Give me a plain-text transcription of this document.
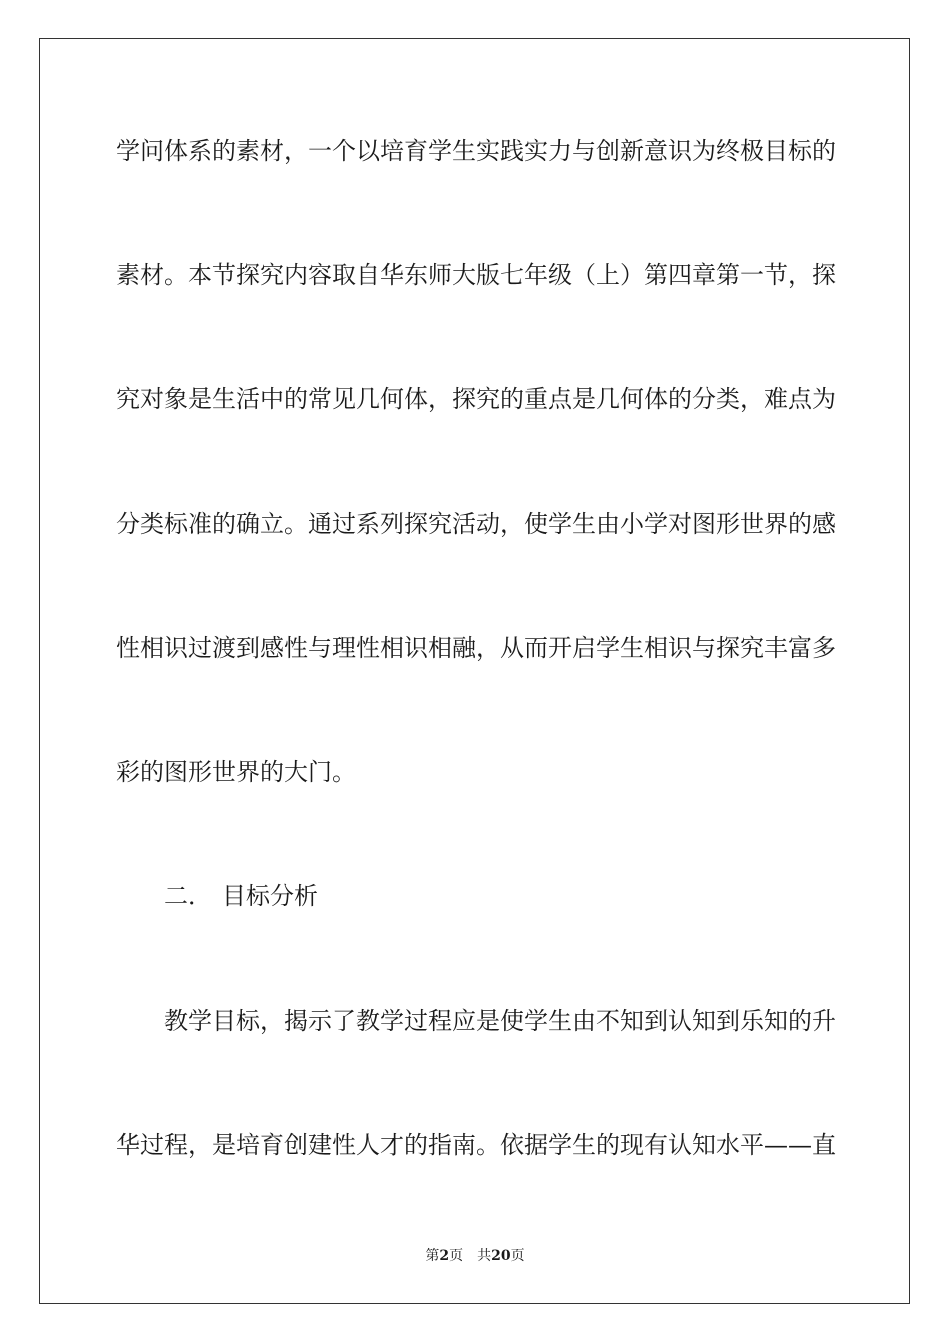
学问体系的素材，一个以培育学生实践实力与创新意识为终极目标的
素材。本节探究内容取自华东师大版七年级（上）第四章第一节，探
究对象是生活中的常见几何体，探究的重点是几何体的分类，难点为
分类标准的确立。通过系列探究活动，使学生由小学对图形世界的感
性相识过渡到感性与理性相识相融，从而开启学生相识与探究丰富多
彩的图形世界的大门。
二． 目标分析
教学目标，揭示了教学过程应是使学生由不知到认知到乐知的升
华过程，是培育创建性人才的指南。依据学生的现有认知水平——直
第2页 共20页
